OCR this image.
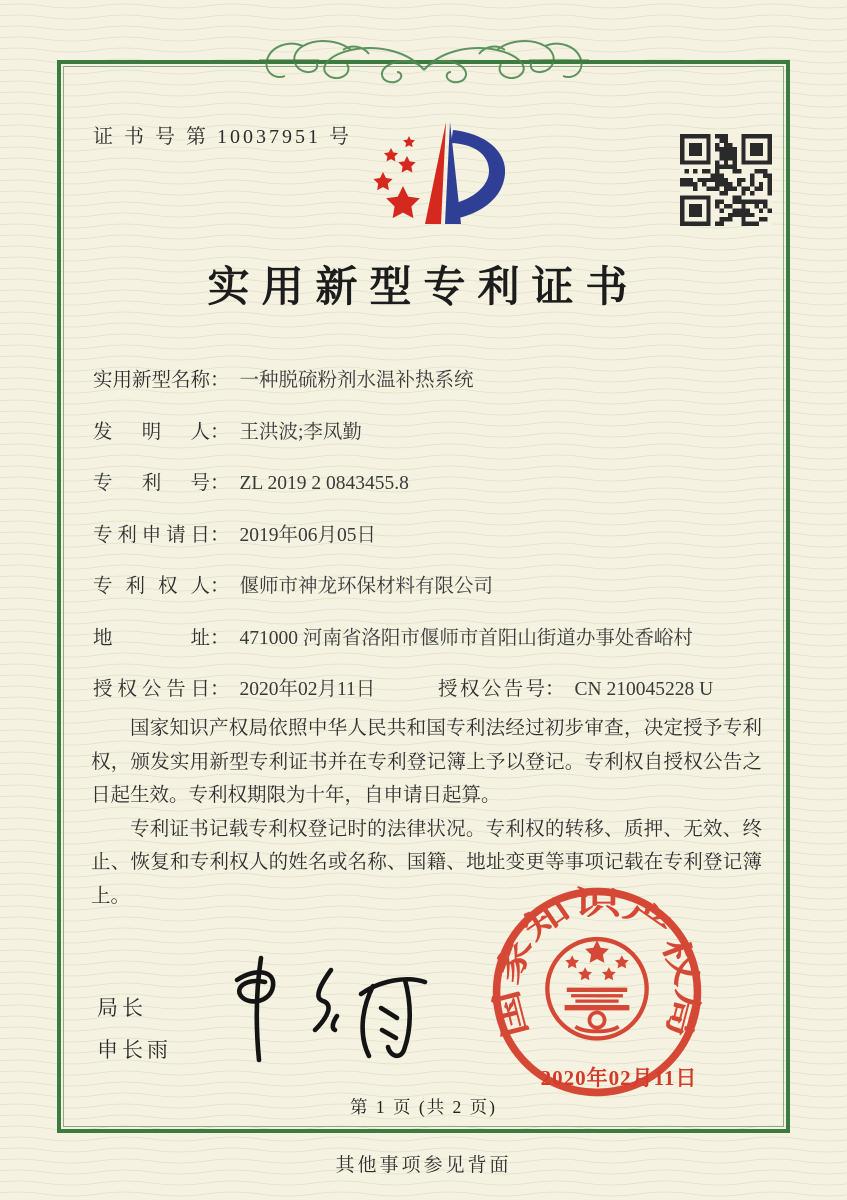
证 书 号 第 10037951 号
实用新型专利证书
实用新型名称 ： 一种脱硫粉剂水温补热系统
发明人 ： 王洪波;李凤勤
专利号 ： ZL 2019 2 0843455.8
专利申请日 ： 2019年06月05日
专利权人 ： 偃师市神龙环保材料有限公司
地址 ： 471000 河南省洛阳市偃师市首阳山街道办事处香峪村
授权公告日 ： 2020年02月11日	授权公告号 ： CN 210045228 U

国家知识产权局依照中华人民共和国专利法经过初步审查，决定授予专利权，颁发实用新型专利证书并在专利登记簿上予以登记。专利权自授权公告之日起生效。专利权期限为十年，自申请日起算。

专利证书记载专利权登记时的法律状况。专利权的转移、质押、无效、终止、恢复和专利权人的姓名或名称、国籍、地址变更等事项记载在专利登记簿上。

局长
申长雨
国家知识产权局
2020年02月11日
第 1 页 (共 2 页)
其他事项参见背面
